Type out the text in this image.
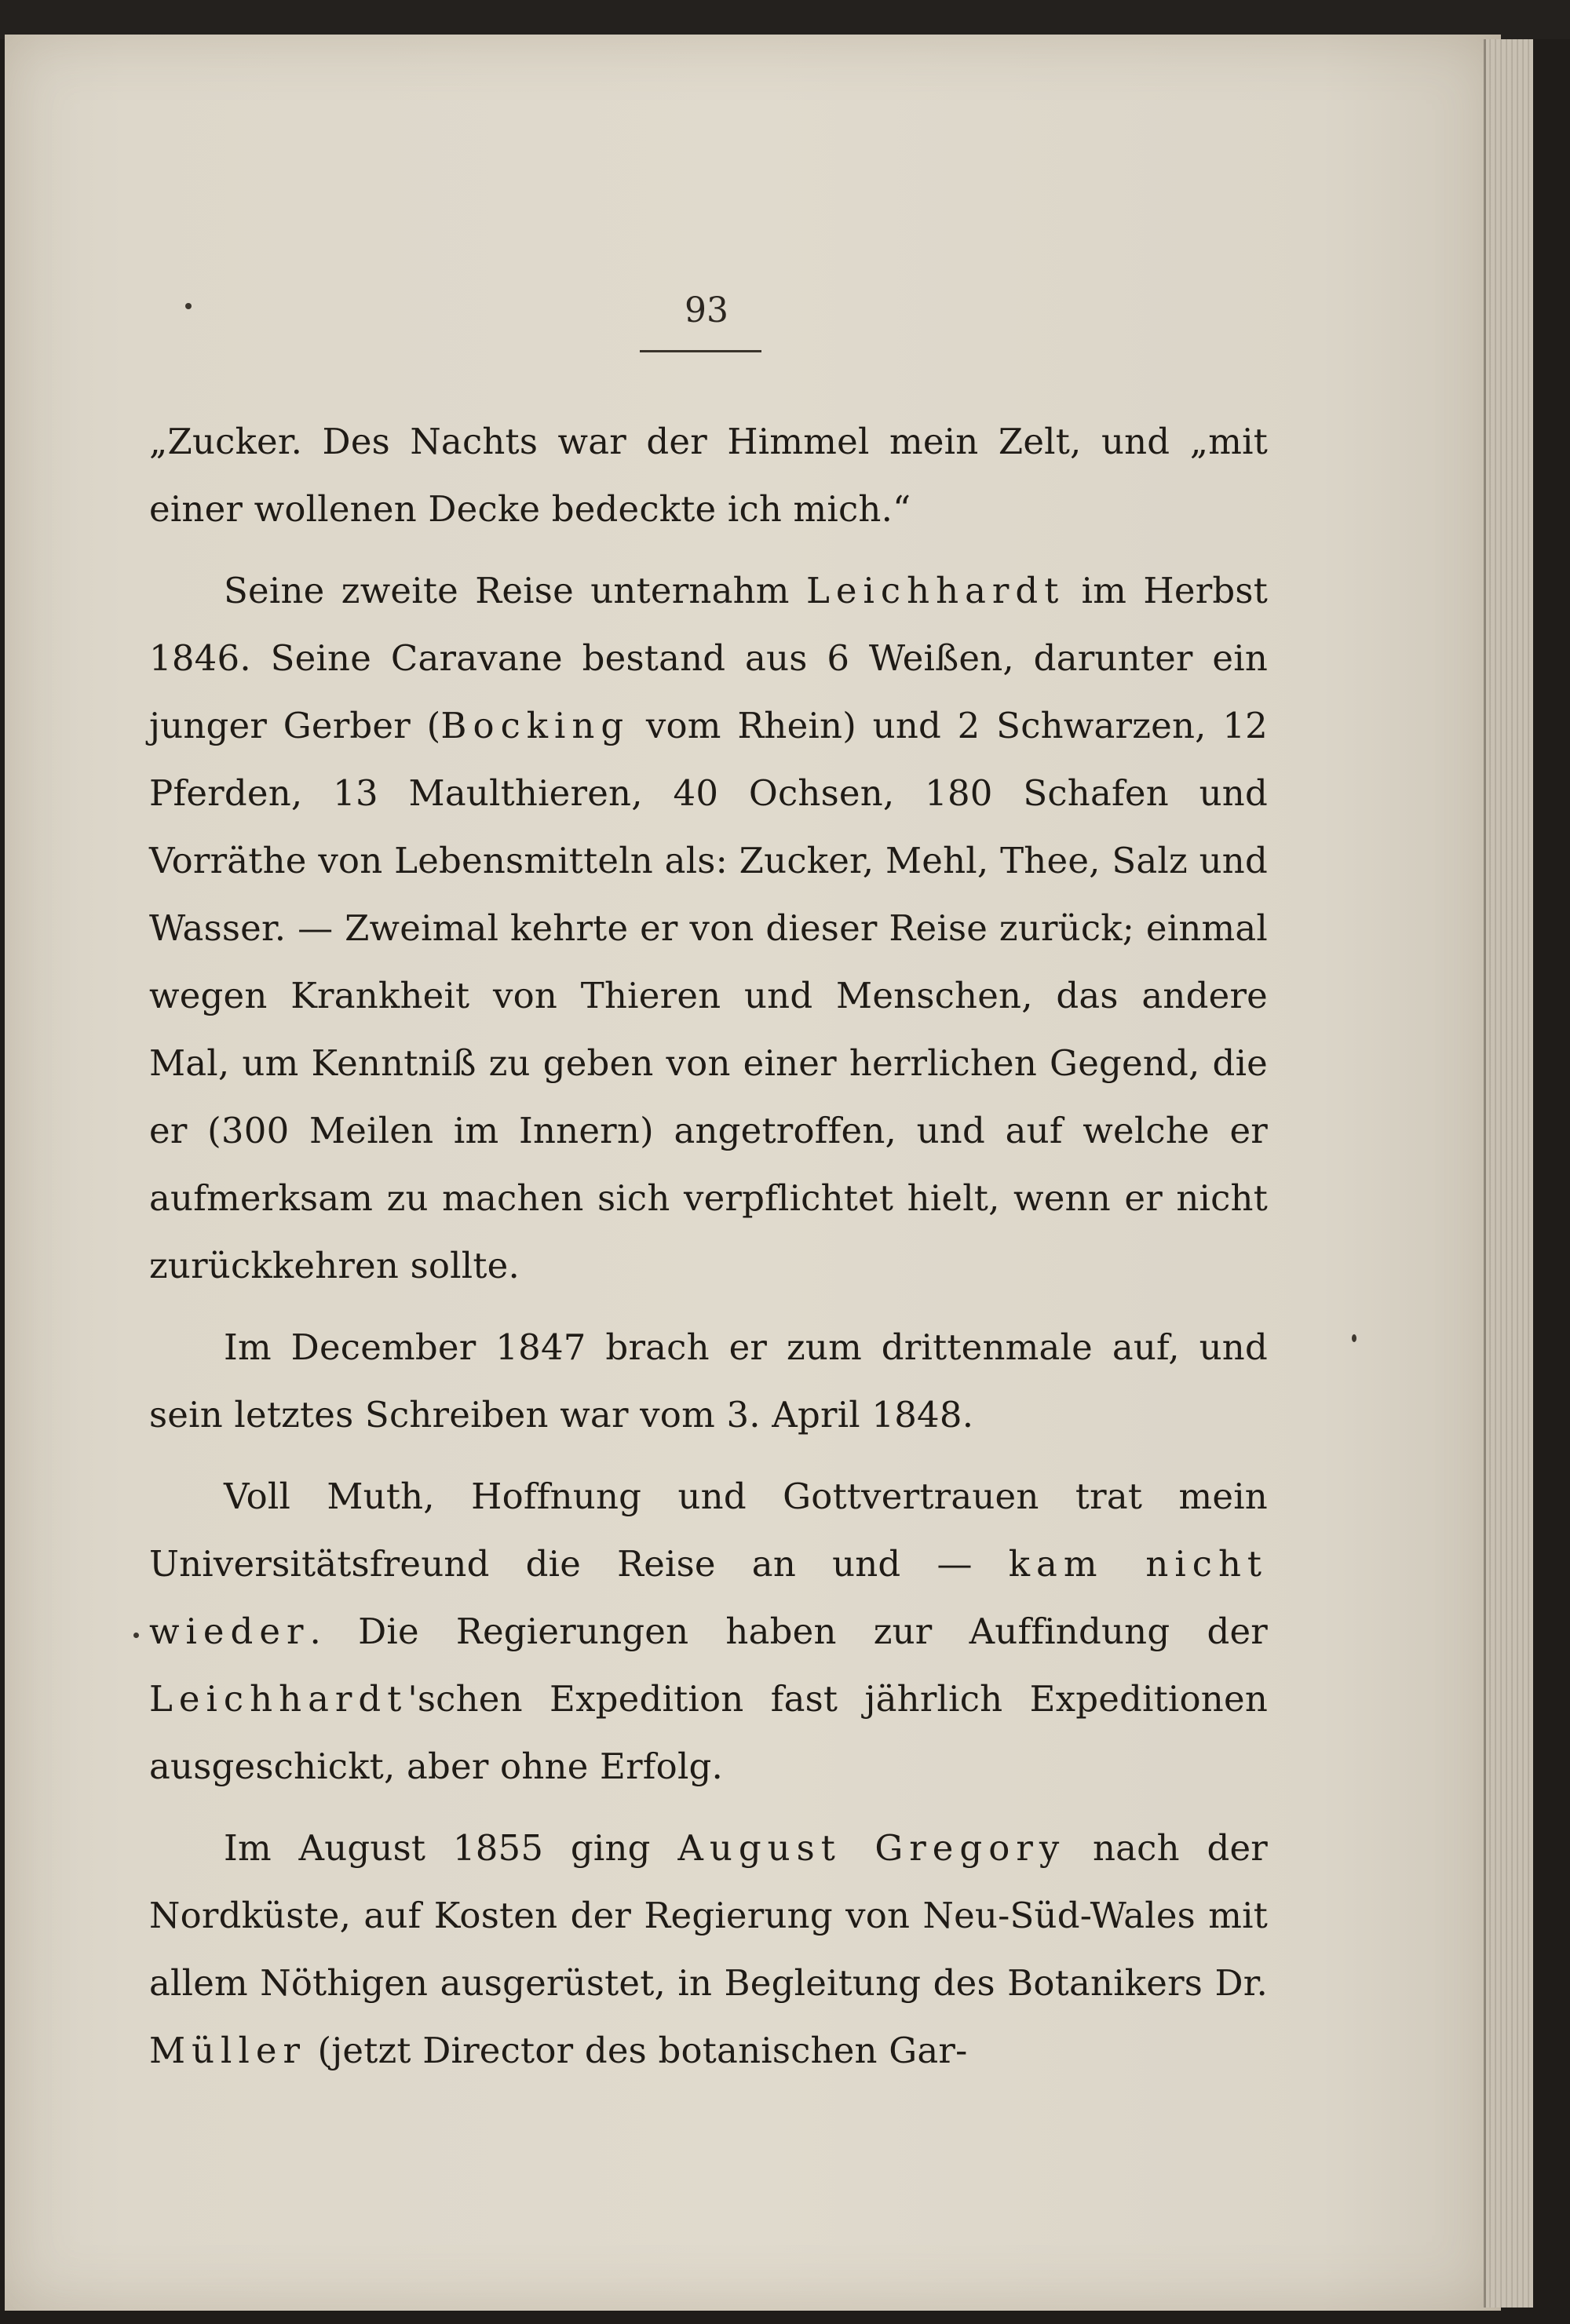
93

„Zucker. Des Nachts war der Himmel mein Zelt, und „mit einer wollenen Decke bedeckte ich mich.“

Seine zweite Reise unternahm Leichhardt im Herbst 1846. Seine Caravane bestand aus 6 Weißen, darunter ein junger Gerber (Bocking vom Rhein) und 2 Schwarzen, 12 Pferden, 13 Maulthieren, 40 Ochsen, 180 Schafen und Vorräthe von Lebensmitteln als: Zucker, Mehl, Thee, Salz und Wasser. — Zweimal kehrte er von dieser Reise zurück; einmal wegen Krankheit von Thieren und Menschen, das andere Mal, um Kenntniß zu geben von einer herrlichen Gegend, die er (300 Meilen im Innern) angetroffen, und auf welche er aufmerksam zu machen sich verpflichtet hielt, wenn er nicht zurückkehren sollte.

Im December 1847 brach er zum drittenmale auf, und sein letztes Schreiben war vom 3. April 1848.

Voll Muth, Hoffnung und Gottvertrauen trat mein Universitätsfreund die Reise an und — kam nicht wieder. Die Regierungen haben zur Auffindung der Leichhardt'schen Expedition fast jährlich Expeditionen ausgeschickt, aber ohne Erfolg.

Im August 1855 ging August Gregory nach der Nordküste, auf Kosten der Regierung von Neu-Süd-Wales mit allem Nöthigen ausgerüstet, in Begleitung des Botanikers Dr. Müller (jetzt Director des botanischen Gar-
